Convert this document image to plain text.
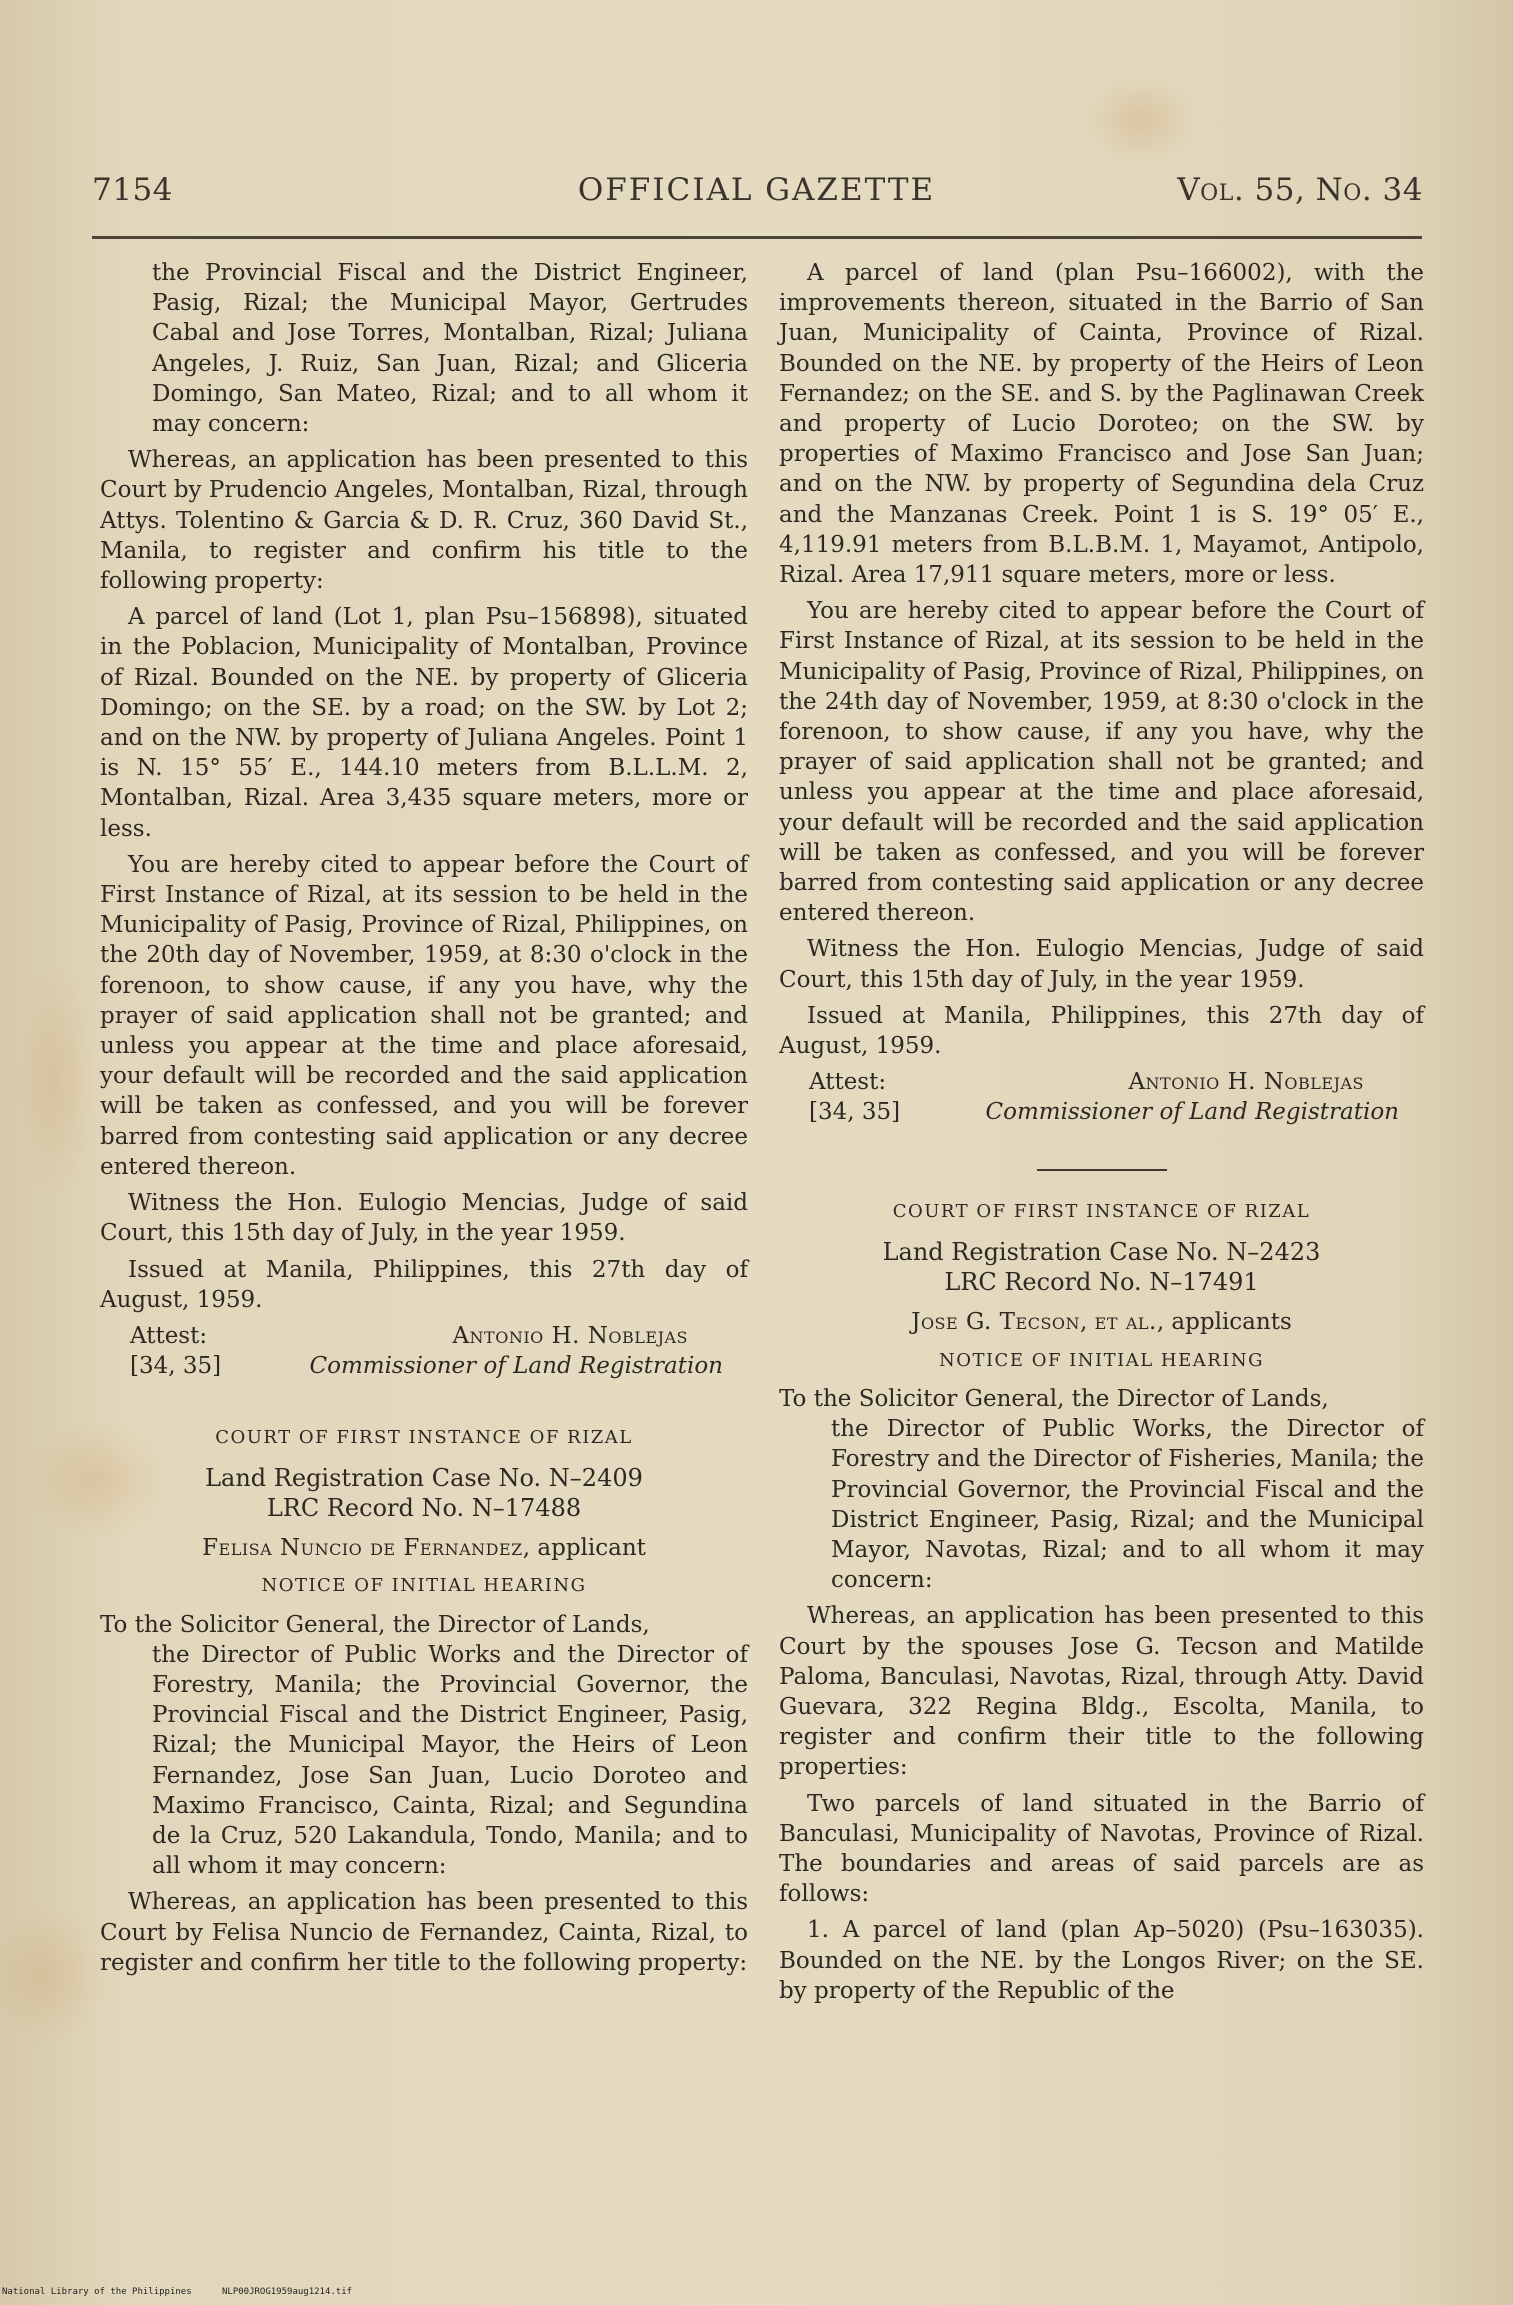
7154	OFFICIAL GAZETTE	Vol. 55, No. 34

the Provincial Fiscal and the District Engineer, Pasig, Rizal; the Municipal Mayor, Gertrudes Cabal and Jose Torres, Montalban, Rizal; Juliana Angeles, J. Ruiz, San Juan, Rizal; and Gliceria Domingo, San Mateo, Rizal; and to all whom it may concern:

Whereas, an application has been presented to this Court by Prudencio Angeles, Montalban, Rizal, through Attys. Tolentino & Garcia & D. R. Cruz, 360 David St., Manila, to register and confirm his title to the following property:

A parcel of land (Lot 1, plan Psu–156898), situated in the Poblacion, Municipality of Montalban, Province of Rizal. Bounded on the NE. by property of Gliceria Domingo; on the SE. by a road; on the SW. by Lot 2; and on the NW. by property of Juliana Angeles. Point 1 is N. 15° 55′ E., 144.10 meters from B.L.L.M. 2, Montalban, Rizal. Area 3,435 square meters, more or less.

You are hereby cited to appear before the Court of First Instance of Rizal, at its session to be held in the Municipality of Pasig, Province of Rizal, Philippines, on the 20th day of November, 1959, at 8:30 o'clock in the forenoon, to show cause, if any you have, why the prayer of said application shall not be granted; and unless you appear at the time and place aforesaid, your default will be recorded and the said application will be taken as confessed, and you will be forever barred from contesting said application or any decree entered thereon.

Witness the Hon. Eulogio Mencias, Judge of said Court, this 15th day of July, in the year 1959.

Issued at Manila, Philippines, this 27th day of August, 1959.

Attest:	Antonio H. Noblejas
[34, 35]	Commissioner of Land Registration
COURT OF FIRST INSTANCE OF RIZAL
Land Registration Case No. N–2409
LRC Record No. N–17488
Felisa Nuncio de Fernandez, applicant
NOTICE OF INITIAL HEARING

To the Solicitor General, the Director of Lands,
the Director of Public Works and the Director of Forestry, Manila; the Provincial Governor, the Provincial Fiscal and the District Engineer, Pasig, Rizal; the Municipal Mayor, the Heirs of Leon Fernandez, Jose San Juan, Lucio Doroteo and Maximo Francisco, Cainta, Rizal; and Segundina de la Cruz, 520 Lakandula, Tondo, Manila; and to all whom it may concern:

Whereas, an application has been presented to this Court by Felisa Nuncio de Fernandez, Cainta, Rizal, to register and confirm her title to the following property:

A parcel of land (plan Psu–166002), with the improvements thereon, situated in the Barrio of San Juan, Municipality of Cainta, Province of Rizal. Bounded on the NE. by property of the Heirs of Leon Fernandez; on the SE. and S. by the Paglinawan Creek and property of Lucio Doroteo; on the SW. by properties of Maximo Francisco and Jose San Juan; and on the NW. by property of Segundina dela Cruz and the Manzanas Creek. Point 1 is S. 19° 05′ E., 4,119.91 meters from B.L.B.M. 1, Mayamot, Antipolo, Rizal. Area 17,911 square meters, more or less.

You are hereby cited to appear before the Court of First Instance of Rizal, at its session to be held in the Municipality of Pasig, Province of Rizal, Philippines, on the 24th day of November, 1959, at 8:30 o'clock in the forenoon, to show cause, if any you have, why the prayer of said application shall not be granted; and unless you appear at the time and place aforesaid, your default will be recorded and the said application will be taken as confessed, and you will be forever barred from contesting said application or any decree entered thereon.

Witness the Hon. Eulogio Mencias, Judge of said Court, this 15th day of July, in the year 1959.

Issued at Manila, Philippines, this 27th day of August, 1959.

Attest:	Antonio H. Noblejas
[34, 35]	Commissioner of Land Registration
COURT OF FIRST INSTANCE OF RIZAL
Land Registration Case No. N–2423
LRC Record No. N–17491
Jose G. Tecson, et al., applicants
NOTICE OF INITIAL HEARING

To the Solicitor General, the Director of Lands,
the Director of Public Works, the Director of Forestry and the Director of Fisheries, Manila; the Provincial Governor, the Provincial Fiscal and the District Engineer, Pasig, Rizal; and the Municipal Mayor, Navotas, Rizal; and to all whom it may concern:

Whereas, an application has been presented to this Court by the spouses Jose G. Tecson and Matilde Paloma, Banculasi, Navotas, Rizal, through Atty. David Guevara, 322 Regina Bldg., Escolta, Manila, to register and confirm their title to the following properties:

Two parcels of land situated in the Barrio of Banculasi, Municipality of Navotas, Province of Rizal. The boundaries and areas of said parcels are as follows:

1. A parcel of land (plan Ap–5020) (Psu–163035). Bounded on the NE. by the Longos River; on the SE. by property of the Republic of the

National Library of the Philippines	NLP00JROG1959aug1214.tif
